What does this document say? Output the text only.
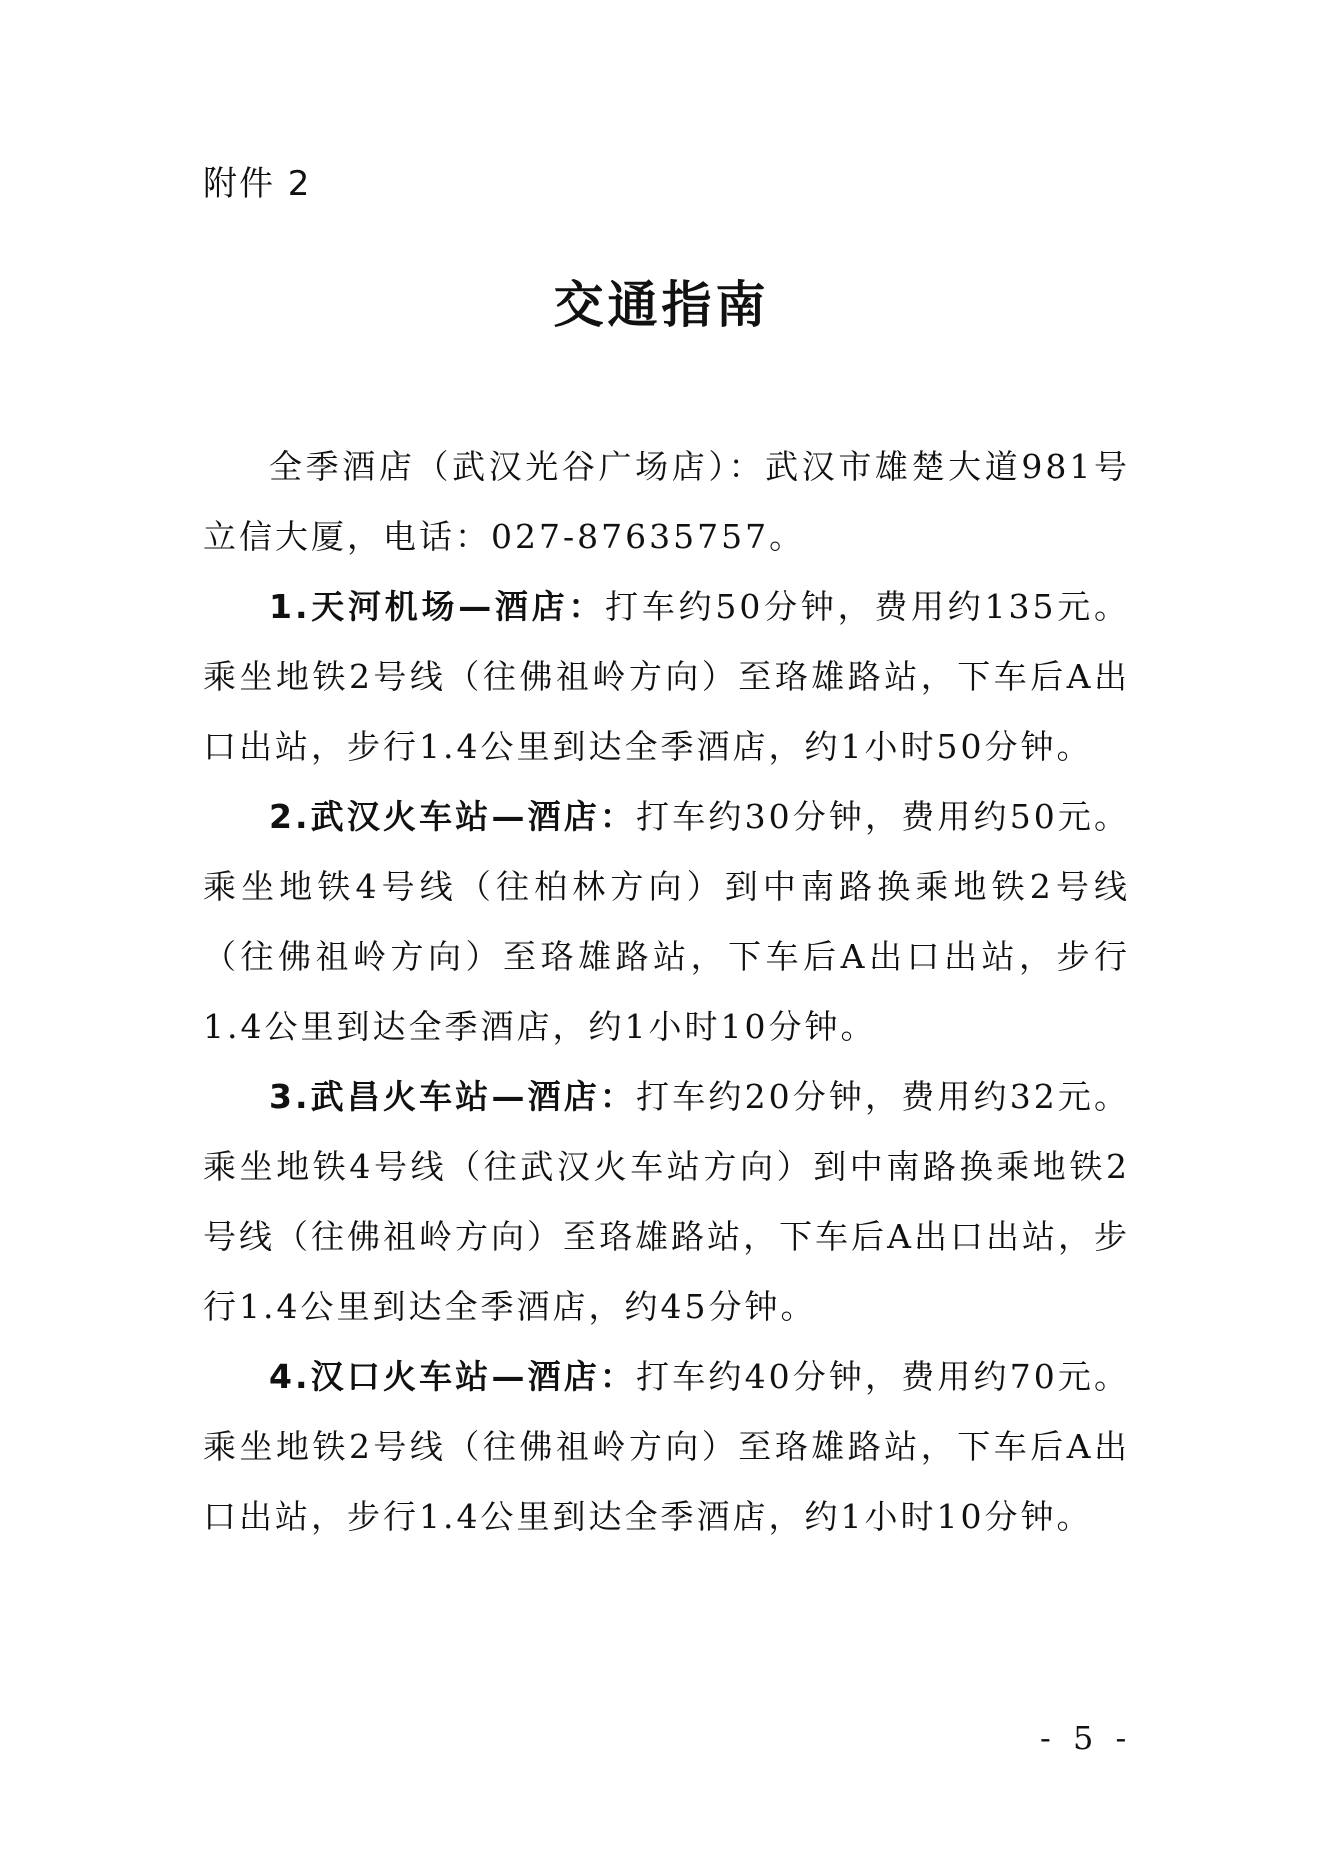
附件 2
交通指南

全季酒店（武汉光谷广场店）：武汉市雄楚大道981号立信大厦，电话：027-87635757。

1.天河机场—酒店：打车约50分钟，费用约135元。乘坐地铁2号线（往佛祖岭方向）至珞雄路站，下车后A出口出站，步行1.4公里到达全季酒店，约1小时50分钟。

2.武汉火车站—酒店：打车约30分钟，费用约50元。乘坐地铁4号线（往柏林方向）到中南路换乘地铁2号线（往佛祖岭方向）至珞雄路站，下车后A出口出站，步行1.4公里到达全季酒店，约1小时10分钟。

3.武昌火车站—酒店：打车约20分钟，费用约32元。乘坐地铁4号线（往武汉火车站方向）到中南路换乘地铁2号线（往佛祖岭方向）至珞雄路站，下车后A出口出站，步行1.4公里到达全季酒店，约45分钟。

4.汉口火车站—酒店：打车约40分钟，费用约70元。乘坐地铁2号线（往佛祖岭方向）至珞雄路站，下车后A出口出站，步行1.4公里到达全季酒店，约1小时10分钟。

- 5 -
